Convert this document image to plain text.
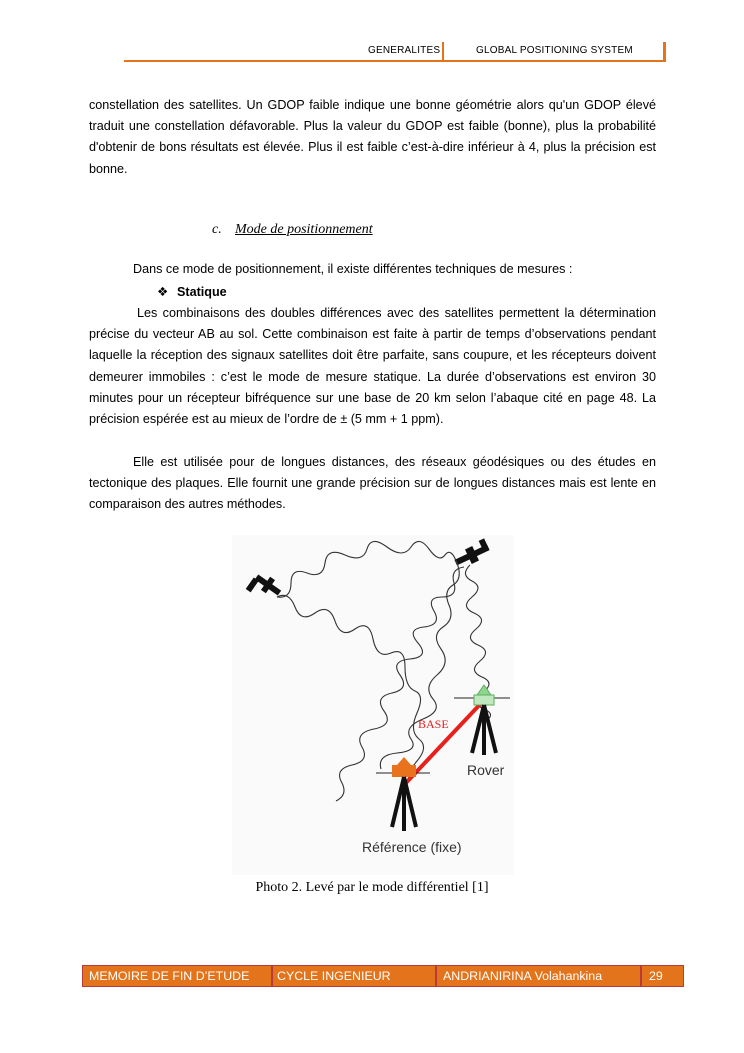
GENERALITES	GLOBAL POSITIONING SYSTEM
constellation des satellites. Un GDOP faible indique une bonne géométrie alors qu'un GDOP élevé traduit une constellation défavorable. Plus la valeur du GDOP est faible (bonne), plus la probabilité d'obtenir de bons résultats est élevée. Plus il est faible c’est-à-dire inférieur à 4, plus la précision est bonne.
c. Mode de positionnement
Dans ce mode de positionnement, il existe différentes techniques de mesures :
❖ Statique
Les combinaisons des doubles différences avec des satellites permettent la détermination précise du vecteur AB au sol. Cette combinaison est faite à partir de temps d’observations pendant laquelle la réception des signaux satellites doit être parfaite, sans coupure, et les récepteurs doivent demeurer immobiles : c’est le mode de mesure statique. La durée d’observations est environ 30 minutes pour un récepteur bifréquence sur une base de 20 km selon l’abaque cité en page 48. La précision espérée est au mieux de l’ordre de ± (5 mm + 1 ppm).
Elle est utilisée pour de longues distances, des réseaux géodésiques ou des études en tectonique des plaques. Elle fournit une grande précision sur de longues distances mais est lente en comparaison des autres méthodes.
BASE
Rover
Référence (fixe)
Photo 2. Levé par le mode différentiel [1]
MEMOIRE DE FIN D’ETUDE CYCLE INGENIEUR	ANDRIANIRINA Volahankina	29
